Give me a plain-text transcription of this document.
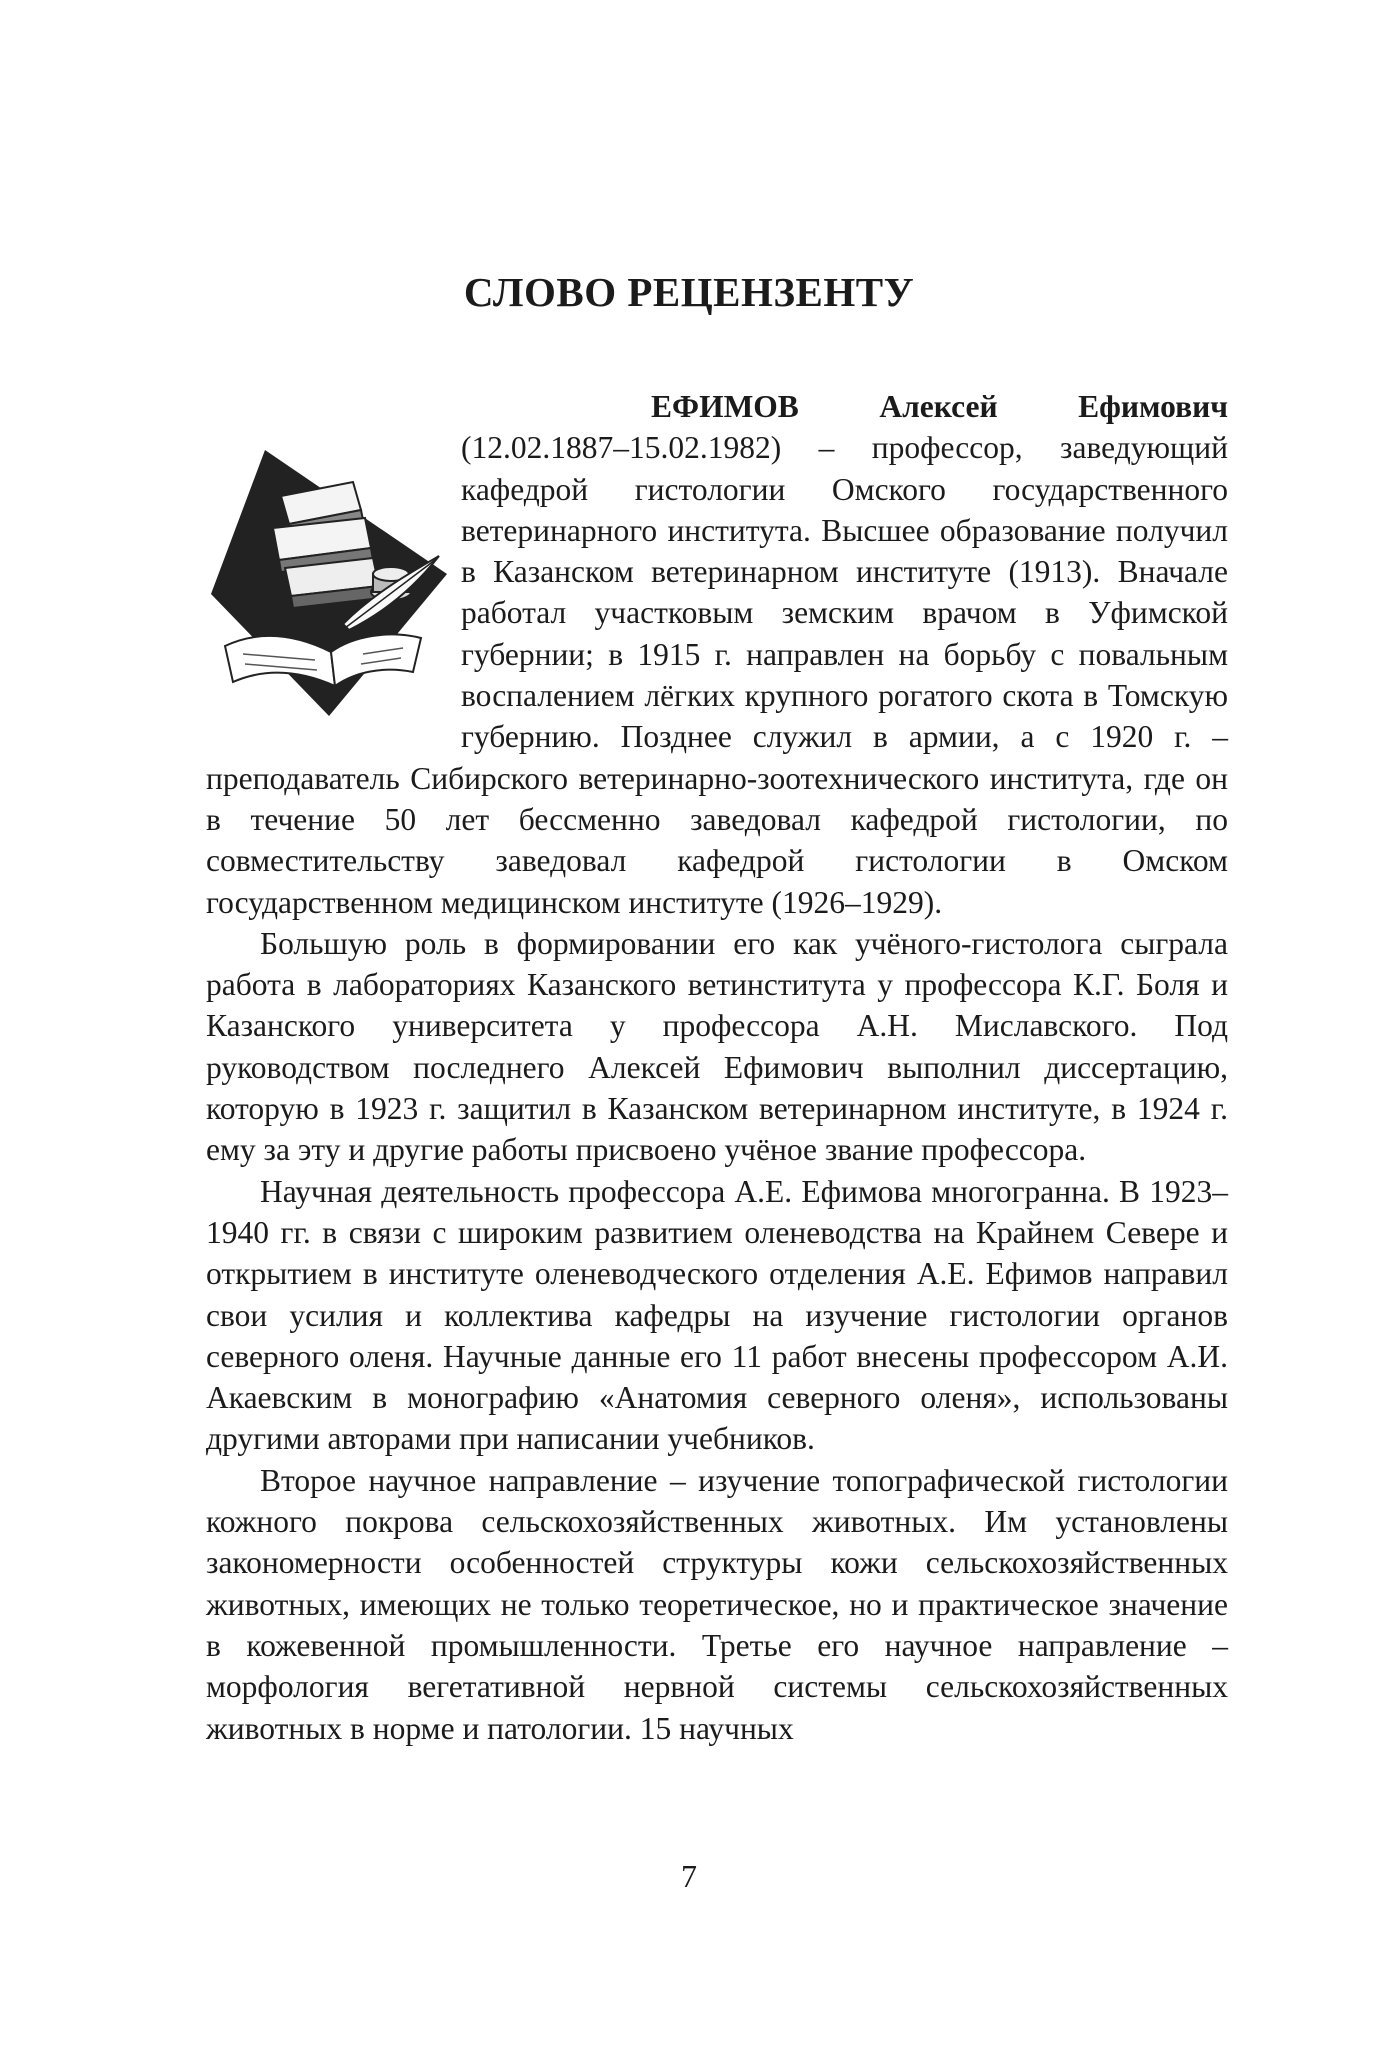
СЛОВО РЕЦЕНЗЕНТУ

ЕФИМОВ Алексей Ефимович (12.02.1887–15.02.1982) – профессор, заведующий кафедрой гистологии Омского государственного ветеринарного института. Высшее образование получил в Казанском ветеринарном институте (1913). Вначале работал участковым земским врачом в Уфимской губернии; в 1915 г. направлен на борьбу с повальным воспалением лёгких крупного рогатого скота в Томскую губернию. Позднее служил в армии, а с 1920 г. – преподаватель Сибирского ветеринарно-зоотехнического института, где он в течение 50 лет бессменно заведовал кафедрой гистологии, по совместительству заведовал кафедрой гистологии в Омском государственном медицинском институте (1926–1929).

Большую роль в формировании его как учёного-гистолога сыграла работа в лабораториях Казанского ветинститута у профессора К.Г. Боля и Казанского университета у профессора А.Н. Миславского. Под руководством последнего Алексей Ефимович выполнил диссертацию, которую в 1923 г. защитил в Казанском ветеринарном институте, в 1924 г. ему за эту и другие работы присвоено учёное звание профессора.

Научная деятельность профессора А.Е. Ефимова многогранна. В 1923–1940 гг. в связи с широким развитием оленеводства на Крайнем Севере и открытием в институте оленеводческого отделения А.Е. Ефимов направил свои усилия и коллектива кафедры на изучение гистологии органов северного оленя. Научные данные его 11 работ внесены профессором А.И. Акаевским в монографию «Анатомия северного оленя», использованы другими авторами при написании учебников.

Второе научное направление – изучение топографической гистологии кожного покрова сельскохозяйственных животных. Им установлены закономерности особенностей структуры кожи сельскохозяйственных животных, имеющих не только теоретическое, но и практическое значение в кожевенной промышленности. Третье его научное направление – морфология вегетативной нервной системы сельскохозяйственных животных в норме и патологии. 15 научных

7
